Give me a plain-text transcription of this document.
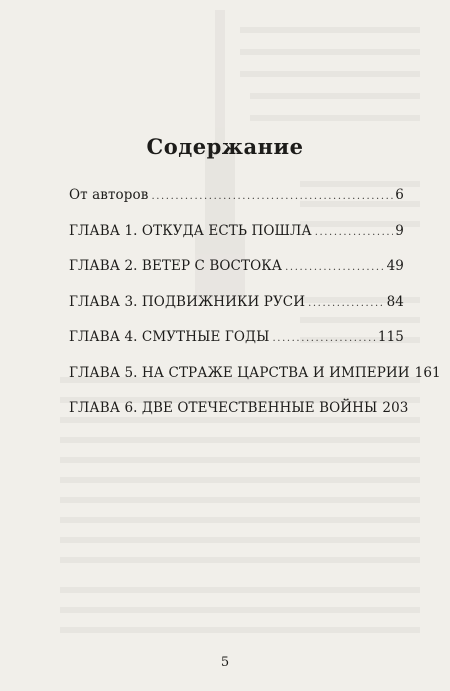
Содержание
От авторов .....	6
ГЛАВА 1. ОТКУДА ЕСТЬ ПОШЛА .....	9
ГЛАВА 2. ВЕТЕР С ВОСТОКА .....	49
ГЛАВА 3. ПОДВИЖНИКИ РУСИ .....	84
ГЛАВА 4. СМУТНЫЕ ГОДЫ .....	115
ГЛАВА 5. НА СТРАЖЕ ЦАРСТВА И ИМПЕРИИ 161
ГЛАВА 6. ДВЕ ОТЕЧЕСТВЕННЫЕ ВОЙНЫ 203
5
